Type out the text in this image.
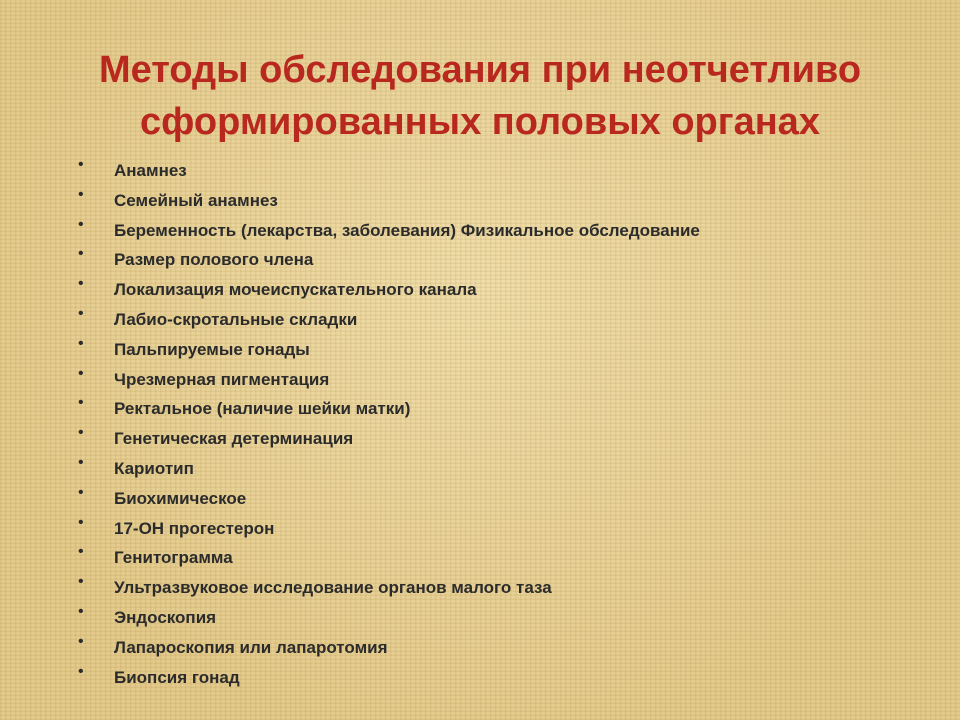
Методы обследования при неотчетливо
сформированных половых органах
• Анамнез
• Семейный анамнез
• Беременность (лекарства, заболевания) Физикальное обследование
• Размер полового члена
• Локализация мочеиспускательного канала
• Лабио-скротальные складки
• Пальпируемые гонады
• Чрезмерная пигментация
• Ректальное (наличие шейки матки)
• Генетическая детерминация
• Кариотип
• Биохимическое
• 17-ОН прогестерон
• Генитограмма
• Ультразвуковое исследование органов малого таза
• Эндоскопия
• Лапароскопия или лапаротомия
• Биопсия гонад
